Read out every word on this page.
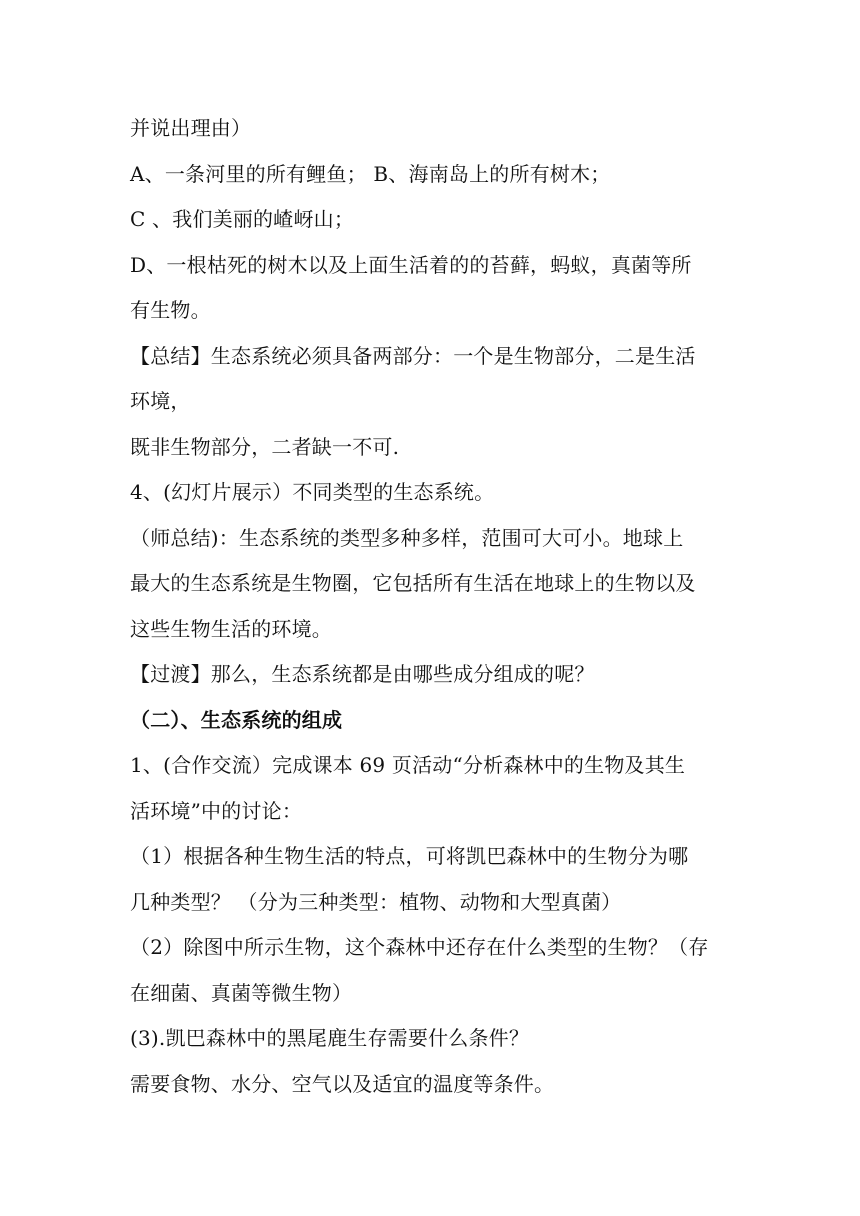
并说出理由）
A、一条河里的所有鲤鱼； B、海南岛上的所有树木；
C 、我们美丽的嵖岈山；
D、一根枯死的树木以及上面生活着的的苔藓，蚂蚁，真菌等所
有生物。
【总结】生态系统必须具备两部分：一个是生物部分，二是生活
环境，
既非生物部分，二者缺一不可.
4、(幻灯片展示）不同类型的生态系统。
（师总结)：生态系统的类型多种多样，范围可大可小。地球上
最大的生态系统是生物圈，它包括所有生活在地球上的生物以及
这些生物生活的环境。
【过渡】那么，生态系统都是由哪些成分组成的呢？
（二）、生态系统的组成
1、(合作交流）完成课本 69 页活动“分析森林中的生物及其生
活环境”中的讨论：
（1）根据各种生物生活的特点，可将凯巴森林中的生物分为哪
几种类型？ （分为三种类型：植物、动物和大型真菌）
（2）除图中所示生物，这个森林中还存在什么类型的生物？（存
在细菌、真菌等微生物）
(3).凯巴森林中的黑尾鹿生存需要什么条件？
需要食物、水分、空气以及适宜的温度等条件。
